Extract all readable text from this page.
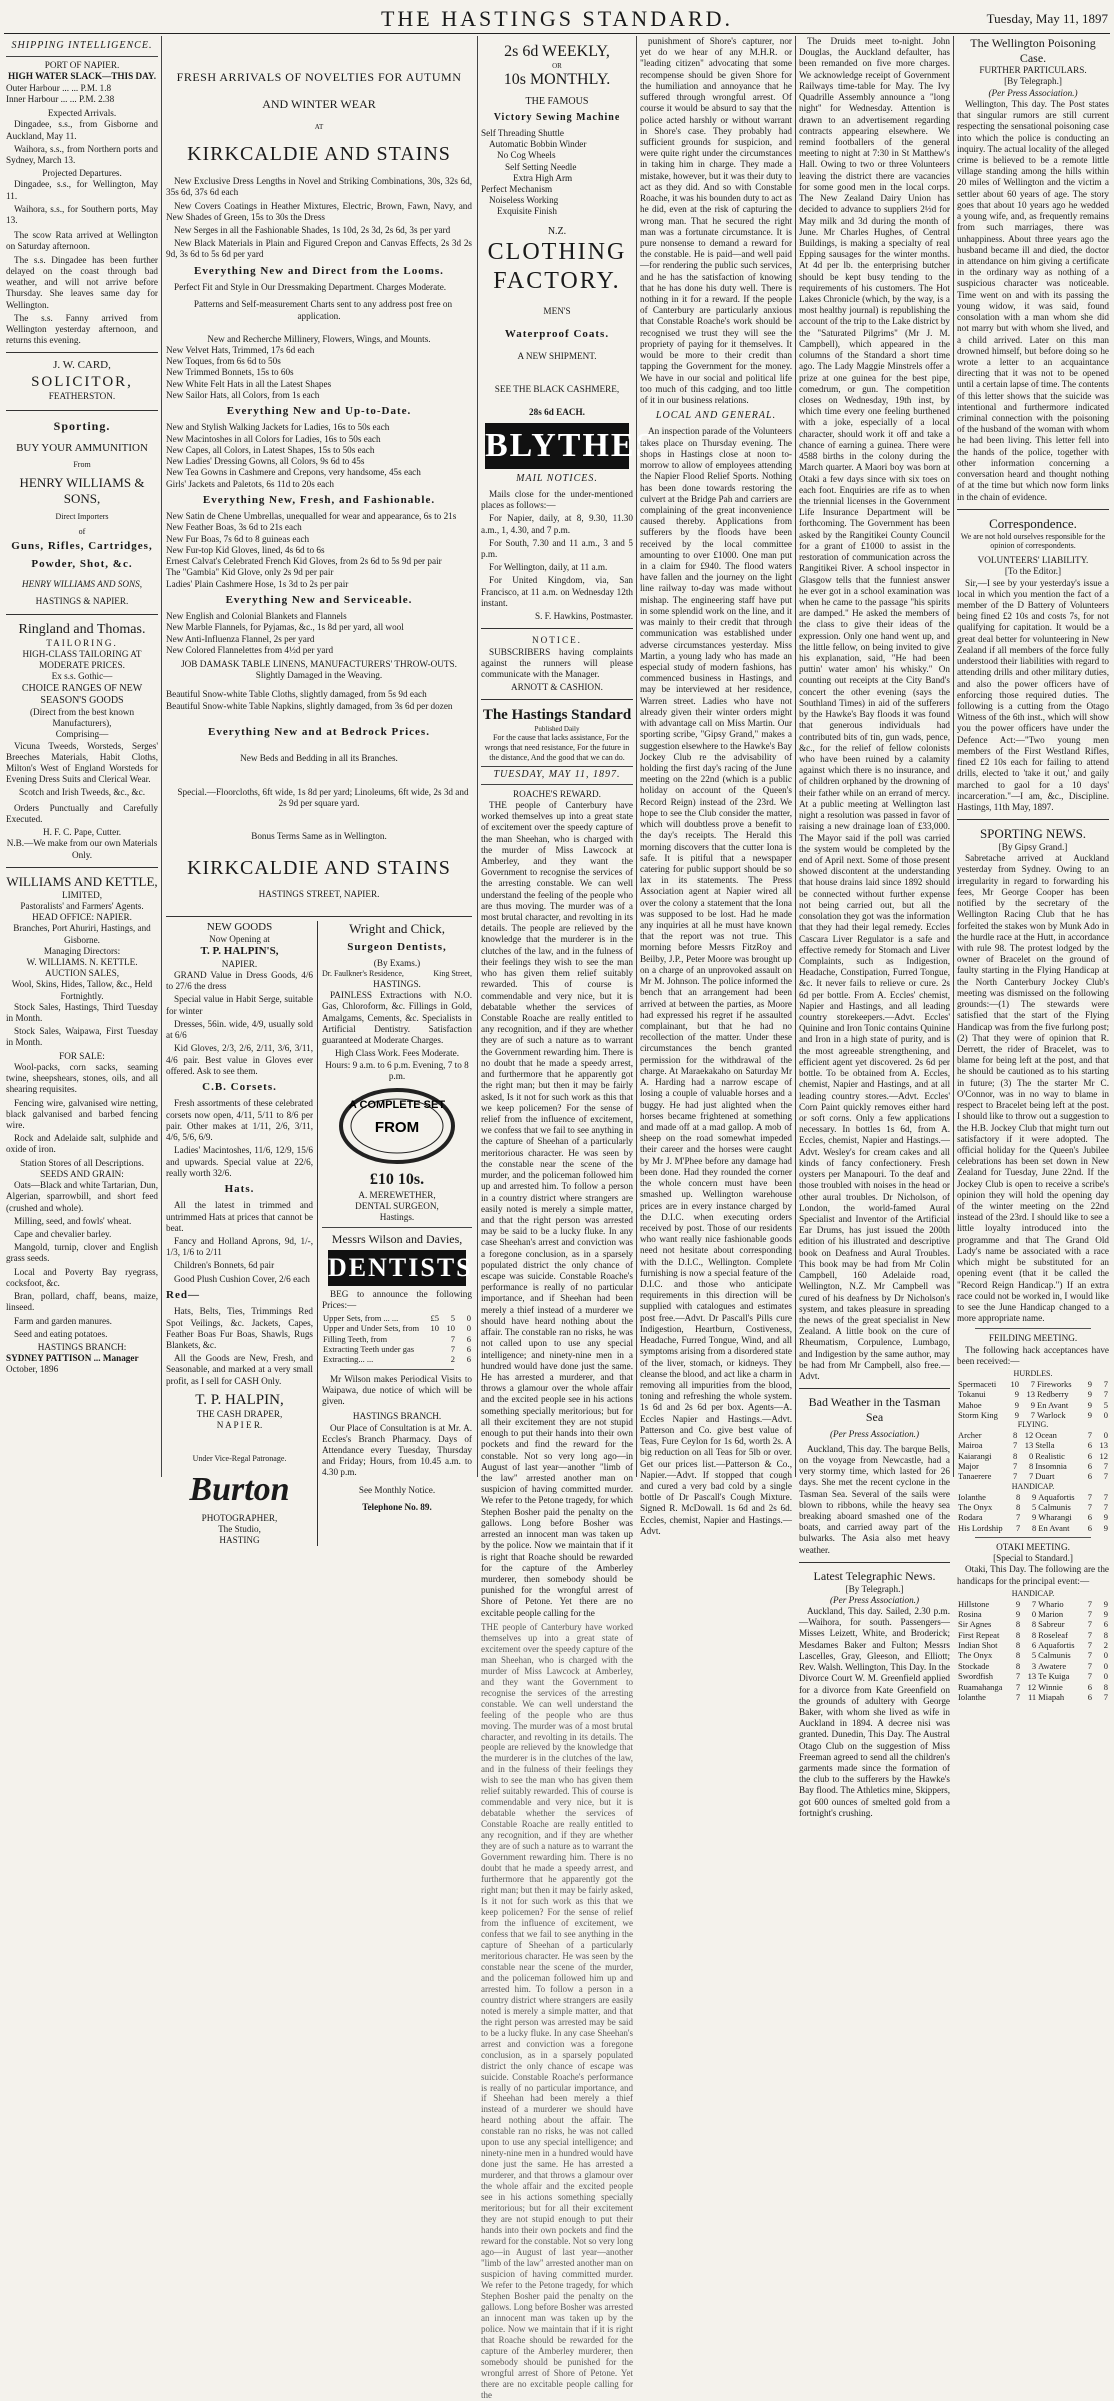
THE HASTINGS STANDARD.	Tuesday, May 11, 1897
SHIPPING INTELLIGENCE.
PORT OF NAPIER.
HIGH WATER SLACK—THIS DAY.
Outer Harbour ... ... P.M. 1.8
Inner Harbour ... ... P.M. 2.38
Expected Arrivals.

Dingadee, s.s., from Gisborne and Auckland, May 11.

Waihora, s.s., from Northern ports and Sydney, March 13.

Projected Departures.

Dingadee, s.s., for Wellington, May 11.

Waihora, s.s., for Southern ports, May 13.

The scow Rata arrived at Wellington on Saturday afternoon.

The s.s. Dingadee has been further delayed on the coast through bad weather, and will not arrive before Thursday. She leaves same day for Wellington.

The s.s. Fanny arrived from Wellington yesterday afternoon, and returns this evening.

J. W. CARD,
SOLICITOR,
FEATHERSTON.
Sporting.
BUY YOUR AMMUNITION
From
HENRY WILLIAMS & SONS,
Direct Importers
of
Guns, Rifles, Cartridges,
Powder, Shot, &c.
HENRY WILLIAMS AND SONS,
HASTINGS & NAPIER.
Ringland and Thomas.
TAILORING.
HIGH-CLASS TAILORING AT MODERATE PRICES.
Ex s.s. Gothic—
CHOICE RANGES OF NEW SEASON'S GOODS
(Direct from the best known Manufacturers),
Comprising—

Vicuna Tweeds, Worsteds, Serges' Breeches Materials, Habit Cloths, Milton's West of England Worsteds for Evening Dress Suits and Clerical Wear.

Scotch and Irish Tweeds, &c., &c.

Orders Punctually and Carefully Executed.

H. F. C. Pape, Cutter.
N.B.—We make from our own Materials Only.
WILLIAMS AND KETTLE,
LIMITED,
Pastoralists' and Farmers' Agents.
HEAD OFFICE: NAPIER.
Branches, Port Ahuriri, Hastings, and Gisborne.
Managing Directors:
W. WILLIAMS. N. KETTLE.
AUCTION SALES,
Wool, Skins, Hides, Tallow, &c., Held Fortnightly.

Stock Sales, Hastings, Third Tuesday in Month.

Stock Sales, Waipawa, First Tuesday in Month.

FOR SALE:

Wool-packs, corn sacks, seaming twine, sheepshears, stones, oils, and all shearing requisites.

Fencing wire, galvanised wire netting, black galvanised and barbed fencing wire.

Rock and Adelaide salt, sulphide and oxide of iron.

Station Stores of all Descriptions.
SEEDS AND GRAIN:

Oats—Black and white Tartarian, Dun, Algerian, sparrowbill, and short feed (crushed and whole).

Milling, seed, and fowls' wheat.

Cape and chevalier barley.

Mangold, turnip, clover and English grass seeds.

Local and Poverty Bay ryegrass, cocksfoot, &c.

Bran, pollard, chaff, beans, maize, linseed.

Farm and garden manures.

Seed and eating potatoes.

HASTINGS BRANCH:
SYDNEY PATTISON ... Manager
October, 1896
FRESH ARRIVALS OF NOVELTIES FOR AUTUMN
AND WINTER WEAR
AT
KIRKCALDIE AND STAINS

New Exclusive Dress Lengths in Novel and Striking Combinations, 30s, 32s 6d, 35s 6d, 37s 6d each

New Covers Coatings in Heather Mixtures, Electric, Brown, Fawn, Navy, and New Shades of Green, 15s to 30s the Dress

New Serges in all the Fashionable Shades, 1s 10d, 2s 3d, 2s 6d, 3s per yard

New Black Materials in Plain and Figured Crepon and Canvas Effects, 2s 3d 2s 9d, 3s 6d to 5s 6d per yard

Everything New and Direct from the Looms.

Perfect Fit and Style in Our Dressmaking Department. Charges Moderate.

Patterns and Self-measurement Charts sent to any address post free on application.

New and Recherche Millinery, Flowers, Wings, and Mounts.
New Velvet Hats, Trimmed, 17s 6d each
New Toques, from 6s 6d to 50s
New Trimmed Bonnets, 15s to 60s
New White Felt Hats in all the Latest Shapes
New Sailor Hats, all Colors, from 1s each
Everything New and Up-to-Date.
New and Stylish Walking Jackets for Ladies, 16s to 50s each
New Macintoshes in all Colors for Ladies, 16s to 50s each
New Capes, all Colors, in Latest Shapes, 15s to 50s each
New Ladies' Dressing Gowns, all Colors, 9s 6d to 45s
New Tea Gowns in Cashmere and Crepons, very handsome, 45s each
Girls' Jackets and Paletots, 6s 11d to 20s each
Everything New, Fresh, and Fashionable.
New Satin de Chene Umbrellas, unequalled for wear and appearance, 6s to 21s
New Feather Boas, 3s 6d to 21s each
New Fur Boas, 7s 6d to 8 guineas each
New Fur-top Kid Gloves, lined, 4s 6d to 6s
Ernest Calvat's Celebrated French Kid Gloves, from 2s 6d to 5s 9d per pair
The "Gambia" Kid Glove, only 2s 9d per pair
Ladies' Plain Cashmere Hose, 1s 3d to 2s per pair
Everything New and Serviceable.
New English and Colonial Blankets and Flannels
New Marble Flannels, for Pyjamas, &c., 1s 8d per yard, all wool
New Anti-Influenza Flannel, 2s per yard
New Colored Flannelettes from 4½d per yard
JOB DAMASK TABLE LINENS, MANUFACTURERS' THROW-OUTS. Slightly Damaged in the Weaving.
Beautiful Snow-white Table Cloths, slightly damaged, from 5s 9d each
Beautiful Snow-white Table Napkins, slightly damaged, from 3s 6d per dozen
Everything New and at Bedrock Prices.
New Beds and Bedding in all its Branches.

Special.—Floorcloths, 6ft wide, 1s 8d per yard; Linoleums, 6ft wide, 2s 3d and 2s 9d per square yard.

Bonus Terms Same as in Wellington.
KIRKCALDIE AND STAINS
HASTINGS STREET, NAPIER.
NEW GOODS
Now Opening at
T. P. HALPIN'S,
NAPIER.

GRAND Value in Dress Goods, 4/6 to 27/6 the dress

Special value in Habit Serge, suitable for winter

Dresses, 56in. wide, 4/9, usually sold at 6/6

Kid Gloves, 2/3, 2/6, 2/11, 3/6, 3/11, 4/6 pair. Best value in Gloves ever offered. Ask to see them.

C.B. Corsets.

Fresh assortments of these celebrated corsets now open, 4/11, 5/11 to 8/6 per pair. Other makes at 1/11, 2/6, 3/11, 4/6, 5/6, 6/9.

Ladies' Macintoshes, 11/6, 12/9, 15/6 and upwards. Special value at 22/6, really worth 32/6.

Hats.

All the latest in trimmed and untrimmed Hats at prices that cannot be beat.

Fancy and Holland Aprons, 9d, 1/-, 1/3, 1/6 to 2/11

Children's Bonnets, 6d pair

Good Plush Cushion Cover, 2/6 each

Red—

Hats, Belts, Ties, Trimmings Red Spot Veilings, &c. Jackets, Capes, Feather Boas Fur Boas, Shawls, Rugs Blankets, &c.

All the Goods are New, Fresh, and Seasonable, and marked at a very small profit, as I sell for CASH Only.

T. P. HALPIN,
THE CASH DRAPER,
N A P I E R.
Under Vice-Regal Patronage.
Burton
PHOTOGRAPHER,
The Studio,
HASTING
Wright and Chick,
Surgeon Dentists,
(By Exams.)
Dr. Faulkner's Residence,	King Street,
HASTINGS.

PAINLESS Extractions with N.O. Gas, Chloroform, &c. Fillings in Gold, Amalgams, Cements, &c. Specialists in Artificial Dentistry. Satisfaction guaranteed at Moderate Charges.

High Class Work. Fees Moderate.
Hours: 9 a.m. to 6 p.m. Evening, 7 to 8 p.m.
A COMPLETE SET
FROM
£10 10s.
A. MEREWETHER,
DENTAL SURGEON,
Hastings.
Messrs Wilson and Davies,
DENTISTS

BEG to announce the following Prices:—

Upper Sets, from ... ...	£5	5	0
Upper and Under Sets, from	10	10	0
Filling Teeth, from		7	6
Extracting Teeth under gas		7	6
Extracting... ...		2	6

Mr Wilson makes Periodical Visits to Waipawa, due notice of which will be given.

HASTINGS BRANCH.

Our Place of Consultation is at Mr. A. Eccles's Branch Pharmacy. Days of Attendance every Tuesday, Thursday and Friday; Hours, from 10.45 a.m. to 4.30 p.m.

See Monthly Notice.
Telephone No. 89.
2s 6d WEEKLY,
OR
10s MONTHLY.
THE FAMOUS
Victory Sewing Machine
Self Threading Shuttle
Automatic Bobbin Winder
No Cog Wheels
Self Setting Needle
Extra High Arm
Perfect Mechanism
Noiseless Working
Exquisite Finish
N.Z.
CLOTHING
FACTORY.
MEN'S
Waterproof Coats.
A NEW SHIPMENT.
SEE THE BLACK CASHMERE,
28s 6d EACH.
BLYTHES
MAIL NOTICES.

Mails close for the under-mentioned places as follows:—

For Napier, daily, at 8, 9.30, 11.30 a.m., 1, 4.30, and 7 p.m.

For South, 7.30 and 11 a.m., 3 and 5 p.m.

For Wellington, daily, at 11 a.m.

For United Kingdom, via, San Francisco, at 11 a.m. on Wednesday 12th instant.

S. F. Hawkins, Postmaster.
NOTICE.

SUBSCRIBERS having complaints against the runners will please communicate with the Manager.

ARNOTT & CASHION.
The Hastings Standard
Published Daily

For the cause that lacks assistance, For the wrongs that need resistance, For the future in the distance, And the good that we can do.

TUESDAY, MAY 11, 1897.
ROACHE'S REWARD.

THE people of Canterbury have worked themselves up into a great state of excitement over the speedy capture of the man Sheehan, who is charged with the murder of Miss Lawcock at Amberley, and they want the Government to recognise the services of the arresting constable. We can well understand the feeling of the people who are thus moving. The murder was of a most brutal character, and revolting in its details. The people are relieved by the knowledge that the murderer is in the clutches of the law, and in the fulness of their feelings they wish to see the man who has given them relief suitably rewarded. This of course is commendable and very nice, but it is debatable whether the services of Constable Roache are really entitled to any recognition, and if they are whether they are of such a nature as to warrant the Government rewarding him. There is no doubt that he made a speedy arrest, and furthermore that he apparently got the right man; but then it may be fairly asked, Is it not for such work as this that we keep policemen? For the sense of relief from the influence of excitement, we confess that we fail to see anything in the capture of Sheehan of a particularly meritorious character. He was seen by the constable near the scene of the murder, and the policeman followed him up and arrested him. To follow a person in a country district where strangers are easily noted is merely a simple matter, and that the right person was arrested may be said to be a lucky fluke. In any case Sheehan's arrest and conviction was a foregone conclusion, as in a sparsely populated district the only chance of escape was suicide. Constable Roache's performance is really of no particular importance, and if Sheehan had been merely a thief instead of a murderer we should have heard nothing about the affair. The constable ran no risks, he was not called upon to use any special intelligence; and ninety-nine men in a hundred would have done just the same. He has arrested a murderer, and that throws a glamour over the whole affair and the excited people see in his actions something specially meritorious; but for all their excitement they are not stupid enough to put their hands into their own pockets and find the reward for the constable. Not so very long ago—in August of last year—another "limb of the law" arrested another man on suspicion of having committed murder. We refer to the Petone tragedy, for which Stephen Bosher paid the penalty on the gallows. Long before Bosher was arrested an innocent man was taken up by the police. Now we maintain that if it is right that Roache should be rewarded for the capture of the Amberley murderer, then somebody should be punished for the wrongful arrest of Shore of Petone. Yet there are no excitable people calling for the

THE people of Canterbury have worked themselves up into a great state of excitement over the speedy capture of the man Sheehan, who is charged with the murder of Miss Lawcock at Amberley, and they want the Government to recognise the services of the arresting constable. We can well understand the feeling of the people who are thus moving. The murder was of a most brutal character, and revolting in its details. The people are relieved by the knowledge that the murderer is in the clutches of the law, and in the fulness of their feelings they wish to see the man who has given them relief suitably rewarded. This of course is commendable and very nice, but it is debatable whether the services of Constable Roache are really entitled to any recognition, and if they are whether they are of such a nature as to warrant the Government rewarding him. There is no doubt that he made a speedy arrest, and furthermore that he apparently got the right man; but then it may be fairly asked, Is it not for such work as this that we keep policemen? For the sense of relief from the influence of excitement, we confess that we fail to see anything in the capture of Sheehan of a particularly meritorious character. He was seen by the constable near the scene of the murder, and the policeman followed him up and arrested him. To follow a person in a country district where strangers are easily noted is merely a simple matter, and that the right person was arrested may be said to be a lucky fluke. In any case Sheehan's arrest and conviction was a foregone conclusion, as in a sparsely populated district the only chance of escape was suicide. Constable Roache's performance is really of no particular importance, and if Sheehan had been merely a thief instead of a murderer we should have heard nothing about the affair. The constable ran no risks, he was not called upon to use any special intelligence; and ninety-nine men in a hundred would have done just the same. He has arrested a murderer, and that throws a glamour over the whole affair and the excited people see in his actions something specially meritorious; but for all their excitement they are not stupid enough to put their hands into their own pockets and find the reward for the constable. Not so very long ago—in August of last year—another "limb of the law" arrested another man on suspicion of having committed murder. We refer to the Petone tragedy, for which Stephen Bosher paid the penalty on the gallows. Long before Bosher was arrested an innocent man was taken up by the police. Now we maintain that if it is right that Roache should be rewarded for the capture of the Amberley murderer, then somebody should be punished for the wrongful arrest of Shore of Petone. Yet there are no excitable people calling for the

punishment of Shore's capturer, nor yet do we hear of any M.H.R. or "leading citizen" advocating that some recompense should be given Shore for the humiliation and annoyance that he suffered through wrongful arrest. Of course it would be absurd to say that the police acted harshly or without warrant in Shore's case. They probably had sufficient grounds for suspicion, and were quite right under the circumstances in taking him in charge. They made a mistake, however, but it was their duty to act as they did. And so with Constable Roache, it was his bounden duty to act as he did, even at the risk of capturing the wrong man. That he secured the right man was a fortunate circumstance. It is pure nonsense to demand a reward for the constable. He is paid—and well paid—for rendering the public such services, and he has the satisfaction of knowing that he has done his duty well. There is nothing in it for a reward. If the people of Canterbury are particularly anxious that Constable Roache's work should be recognised we trust they will see the propriety of paying for it themselves. It would be more to their credit than tapping the Government for the money. We have in our social and political life too much of this cadging, and too little of it in our business relations.

LOCAL AND GENERAL.

An inspection parade of the Volunteers takes place on Thursday evening. The shops in Hastings close at noon to-morrow to allow of employees attending the Napier Flood Relief Sports. Nothing has been done towards restoring the culvert at the Bridge Pah and carriers are complaining of the great inconvenience caused thereby. Applications from sufferers by the floods have been received by the local committee amounting to over £1000. One man put in a claim for £940. The flood waters have fallen and the journey on the light line railway to-day was made without mishap. The engineering staff have put in some splendid work on the line, and it was mainly to their credit that through communication was established under adverse circumstances yesterday. Miss Martin, a young lady who has made an especial study of modern fashions, has commenced business in Hastings, and may be interviewed at her residence, Warren street. Ladies who have not already given their winter orders might with advantage call on Miss Martin. Our sporting scribe, "Gipsy Grand," makes a suggestion elsewhere to the Hawke's Bay Jockey Club re the advisability of holding the first day's racing of the June meeting on the 22nd (which is a public holiday on account of the Queen's Record Reign) instead of the 23rd. We hope to see the Club consider the matter, which will doubtless prove a benefit to the day's receipts. The Herald this morning discovers that the cutter Iona is safe. It is pitiful that a newspaper catering for public support should be so lax in its statements. The Press Association agent at Napier wired all over the colony a statement that the Iona was supposed to be lost. Had he made any inquiries at all he must have known that the report was not true. This morning before Messrs FitzRoy and Beilby, J.P., Peter Moore was brought up on a charge of an unprovoked assault on Mr M. Johnson. The police informed the bench that an arrangement had been arrived at between the parties, as Moore had expressed his regret if he assaulted complainant, but that he had no recollection of the matter. Under these circumstances the bench granted permission for the withdrawal of the charge. At Maraekakaho on Saturday Mr A. Harding had a narrow escape of losing a couple of valuable horses and a buggy. He had just alighted when the horses became frightened at something and made off at a mad gallop. A mob of sheep on the road somewhat impeded their career and the horses were caught by Mr J. M'Phee before any damage had been done. Had they rounded the corner the whole concern must have been smashed up. Wellington warehouse prices are in every instance charged by the D.I.C. when executing orders received by post. Those of our residents who want really nice fashionable goods need not hesitate about corresponding with the D.I.C., Wellington. Complete furnishing is now a special feature of the D.I.C. and those who anticipate requirements in this direction will be supplied with catalogues and estimates post free.—Advt. Dr Pascall's Pills cure Indigestion, Heartburn, Costiveness, Headache, Furred Tongue, Wind, and all symptoms arising from a disordered state of the liver, stomach, or kidneys. They cleanse the blood, and act like a charm in removing all impurities from the blood, toning and refreshing the whole system. 1s 6d and 2s 6d per box. Agents—A. Eccles Napier and Hastings.—Advt. Patterson and Co. give best value of Teas, Fure Ceylon for 1s 6d, worth 2s. A big reduction on all Teas for 5lb or over. Get our prices list.—Patterson & Co., Napier.—Advt. If stopped that cough and cured a very bad cold by a single bottle of Dr Pascall's Cough Mixture. Signed R. McDowall. 1s 6d and 2s 6d. Eccles, chemist, Napier and Hastings.—Advt.

The Druids meet to-night. John Douglas, the Auckland defaulter, has been remanded on five more charges. We acknowledge receipt of Government Railways time-table for May. The Ivy Quadrille Assembly announce a "long night" for Wednesday. Attention is drawn to an advertisement regarding contracts appearing elsewhere. We remind footballers of the general meeting to night at 7:30 in St Matthew's Hall. Owing to two or three Volunteers leaving the district there are vacancies for some good men in the local corps. The New Zealand Dairy Union has decided to advance to suppliers 2½d for May milk and 3d during the month of June. Mr Charles Hughes, of Central Buildings, is making a specialty of real Epping sausages for the winter months. At 4d per lb. the enterprising butcher should be kept busy tending to the requirements of his customers. The Hot Lakes Chronicle (which, by the way, is a most healthy journal) is republishing the account of the trip to the Lake district by the "Saturated Pilgrims" (Mr J. M. Campbell), which appeared in the columns of the Standard a short time ago. The Lady Maggie Minstrels offer a prize at one guinea for the best pipe, comedrum, or gun. The competition closes on Wednesday, 19th inst, by which time every one feeling burthened with a joke, especially of a local character, should work it off and take a chance of earning a guinea. There were 4588 births in the colony during the March quarter. A Maori boy was born at Otaki a few days since with six toes on each foot. Enquiries are rife as to when the triennial licenses in the Government Life Insurance Department will be forthcoming. The Government has been asked by the Rangitikei County Council for a grant of £1000 to assist in the restoration of communication across the Rangitikei River. A school inspector in Glasgow tells that the funniest answer he ever got in a school examination was when he came to the passage "his spirits are damped." He asked the members of the class to give their ideas of the expression. Only one hand went up, and the little fellow, on being invited to give his explanation, said, "He had been puttin' water amon' his whisky." On counting out receipts at the City Band's concert the other evening (says the Southland Times) in aid of the sufferers by the Hawke's Bay floods it was found that generous individuals had contributed bits of tin, gun wads, pence, &c., for the relief of fellow colonists who have been ruined by a calamity against which there is no insurance, and of children orphaned by the drowning of their father while on an errand of mercy. At a public meeting at Wellington last night a resolution was passed in favor of raising a new drainage loan of £33,000. The Mayor said if the poll was carried the system would be completed by the end of April next. Some of those present showed discontent at the understanding that house drains laid since 1892 should be connected without further expense not being carried out, but all the consolation they got was the information that they had their legal remedy. Eccles Cascara Liver Regulator is a safe and effective remedy for Stomach and Liver Complaints, such as Indigestion, Headache, Constipation, Furred Tongue, &c. It never fails to relieve or cure. 2s 6d per bottle. From A. Eccles' chemist, Napier and Hastings, and all leading country storekeepers.—Advt. Eccles' Quinine and Iron Tonic contains Quinine and Iron in a high state of purity, and is the most agreeable strengthening, and efficient agent yet discovered. 2s 6d per bottle. To be obtained from A. Eccles, chemist, Napier and Hastings, and at all leading country stores.—Advt. Eccles' Corn Paint quickly removes either hard or soft corns. Only a few applications necessary. In bottles 1s 6d, from A. Eccles, chemist, Napier and Hastings.—Advt. Wesley's for cream cakes and all kinds of fancy confectionery. Fresh oysters per Manapouri. To the deaf and those troubled with noises in the head or other aural troubles. Dr Nicholson, of London, the world-famed Aural Specialist and Inventor of the Artificial Ear Drums, has just issued the 200th edition of his illustrated and descriptive book on Deafness and Aural Troubles. This book may be had from Mr Colin Campbell, 160 Adelaide road, Wellington, N.Z. Mr Campbell was cured of his deafness by Dr Nicholson's system, and takes pleasure in spreading the news of the great specialist in New Zealand. A little book on the cure of Rheumatism, Corpulence, Lumbago, and Indigestion by the same author, may be had from Mr Campbell, also free.—Advt.

Bad Weather in the Tasman Sea
(Per Press Association.)

Auckland, This day. The barque Bells, on the voyage from Newcastle, had a very stormy time, which lasted for 26 days. She met the recent cyclone in the Tasman Sea. Several of the sails were blown to ribbons, while the heavy sea breaking aboard smashed one of the boats, and carried away part of the bulwarks. The Asia also met heavy weather.

Latest Telegraphic News.
[By Telegraph.]
(Per Press Association.)

Auckland, This day. Sailed, 2.30 p.m.—Waihora, for south. Passengers—Misses Leizett, White, and Broderick; Mesdames Baker and Fulton; Messrs Lascelles, Gray, Gleeson, and Elliott; Rev. Walsh. Wellington, This Day. In the Divorce Court W. M. Greenfield applied for a divorce from Kate Greenfield on the grounds of adultery with George Baker, with whom she lived as wife in Auckland in 1894. A decree nisi was granted. Dunedin, This Day. The Austral Otago Club on the suggestion of Miss Freeman agreed to send all the children's garments made since the formation of the club to the sufferers by the Hawke's Bay flood. The Athletics mine, Skippers, got 600 ounces of smelted gold from a fortnight's crushing.

The Wellington Poisoning Case.
FURTHER PARTICULARS.
[By Telegraph.]
(Per Press Association.)

Wellington, This day. The Post states that singular rumors are still current respecting the sensational poisoning case into which the police is conducting an inquiry. The actual locality of the alleged crime is believed to be a remote little village standing among the hills within 20 miles of Wellington and the victim a settler about 60 years of age. The story goes that about 10 years ago he wedded a young wife, and, as frequently remains from such marriages, there was unhappiness. About three years ago the husband became ill and died, the doctor in attendance on him giving a certificate in the ordinary way as nothing of a suspicious character was noticeable. Time went on and with its passing the young widow, it was said, found consolation with a man whom she did not marry but with whom she lived, and a child arrived. Later on this man drowned himself, but before doing so he wrote a letter to an acquaintance directing that it was not to be opened until a certain lapse of time. The contents of this letter shows that the suicide was intentional and furthermore indicated criminal connection with the poisoning of the husband of the woman with whom he had been living. This letter fell into the hands of the police, together with other information concerning a conversation heard and thought nothing of at the time but which now form links in the chain of evidence.

Correspondence.
We are not hold ourselves responsible for the opinion of correspondents.
VOLUNTEERS' LIABILITY.
[To the Editor.]

Sir,—I see by your yesterday's issue a local in which you mention the fact of a member of the D Battery of Volunteers being fined £2 10s and costs 7s, for not qualifying for capitation. It would be a great deal better for volunteering in New Zealand if all members of the force fully understood their liabilities with regard to attending drills and other military duties, and also the power officers have of enforcing those required duties. The following is a cutting from the Otago Witness of the 6th inst., which will show you the power officers have under the Defence Act:—"Two young men members of the First Westland Rifles, fined £2 10s each for failing to attend drills, elected to 'take it out,' and gaily marched to gaol for a 10 days' incarceration."—I am, &c., Discipline. Hastings, 11th May, 1897.

SPORTING NEWS.
[By Gipsy Grand.]

Sabretache arrived at Auckland yesterday from Sydney. Owing to an irregularity in regard to forwarding his fees, Mr George Cooper has been notified by the secretary of the Wellington Racing Club that he has forfeited the stakes won by Munk Ado in the hurdle race at the Hutt, in accordance with rule 98. The protest lodged by the owner of Bracelet on the ground of faulty starting in the Flying Handicap at the North Canterbury Jockey Club's meeting was dismissed on the following grounds:—(1) The stewards were satisfied that the start of the Flying Handicap was from the five furlong post; (2) That they were of opinion that R. Derrett, the rider of Bracelet, was to blame for being left at the post, and that he should be cautioned as to his starting in future; (3) The the starter Mr C. O'Connor, was in no way to blame in respect to Bracelet being left at the post. I should like to throw out a suggestion to the H.B. Jockey Club that might turn out satisfactory if it were adopted. The official holiday for the Queen's Jubilee celebrations has been set down in New Zealand for Tuesday, June 22nd. If the Jockey Club is open to receive a scribe's opinion they will hold the opening day of the winter meeting on the 22nd instead of the 23rd. I should like to see a little loyalty introduced into the programme and that The Grand Old Lady's name be associated with a race which might be substituted for an opening event (that it be called the "Record Reign Handicap.") If an extra race could not be worked in, I would like to see the June Handicap changed to a more appropriate name.

FEILDING MEETING.

The following hack acceptances have been received:—

HURDLES.
Spermaceti	10	7	Fireworks	9	7
Tokanui	9	13	Redberry	9	7
Mahoe	9	9	En Avant	9	5
Storm King	9	7	Warlock	9	0
FLYING.
Archer	8	12	Ocean	7	0
Mairoa	7	13	Stella	6	13
Kaiarangi	8	0	Realistic	6	12
Major	7	8	Insomnia	6	7
Tanaerere	7	7	Duart	6	7
HANDICAP.
Iolanthe	8	9	Aquafortis	7	7
The Onyx	8	5	Calmunis	7	7
Rodara	7	9	Wharangi	6	9
His Lordship	7	8	En Avant	6	9
OTAKI MEETING.
[Special to Standard.]

Otaki, This Day. The following are the handicaps for the principal event:—

HANDICAP.
Hillstone	9	7	Whario	7	9
Rosina	9	0	Marion	7	9
Sir Agnes	8	8	Sabreur	7	6
First Repeat	8	8	Roseleaf	7	8
Indian Shot	8	6	Aquafortis	7	2
The Onyx	8	5	Calmunis	7	0
Stockade	8	3	Awatere	7	0
Swordfish	7	13	Te Kuiga	7	0
Ruamahanga	7	12	Winnie	6	8
Iolanthe	7	11	Miapah	6	7
